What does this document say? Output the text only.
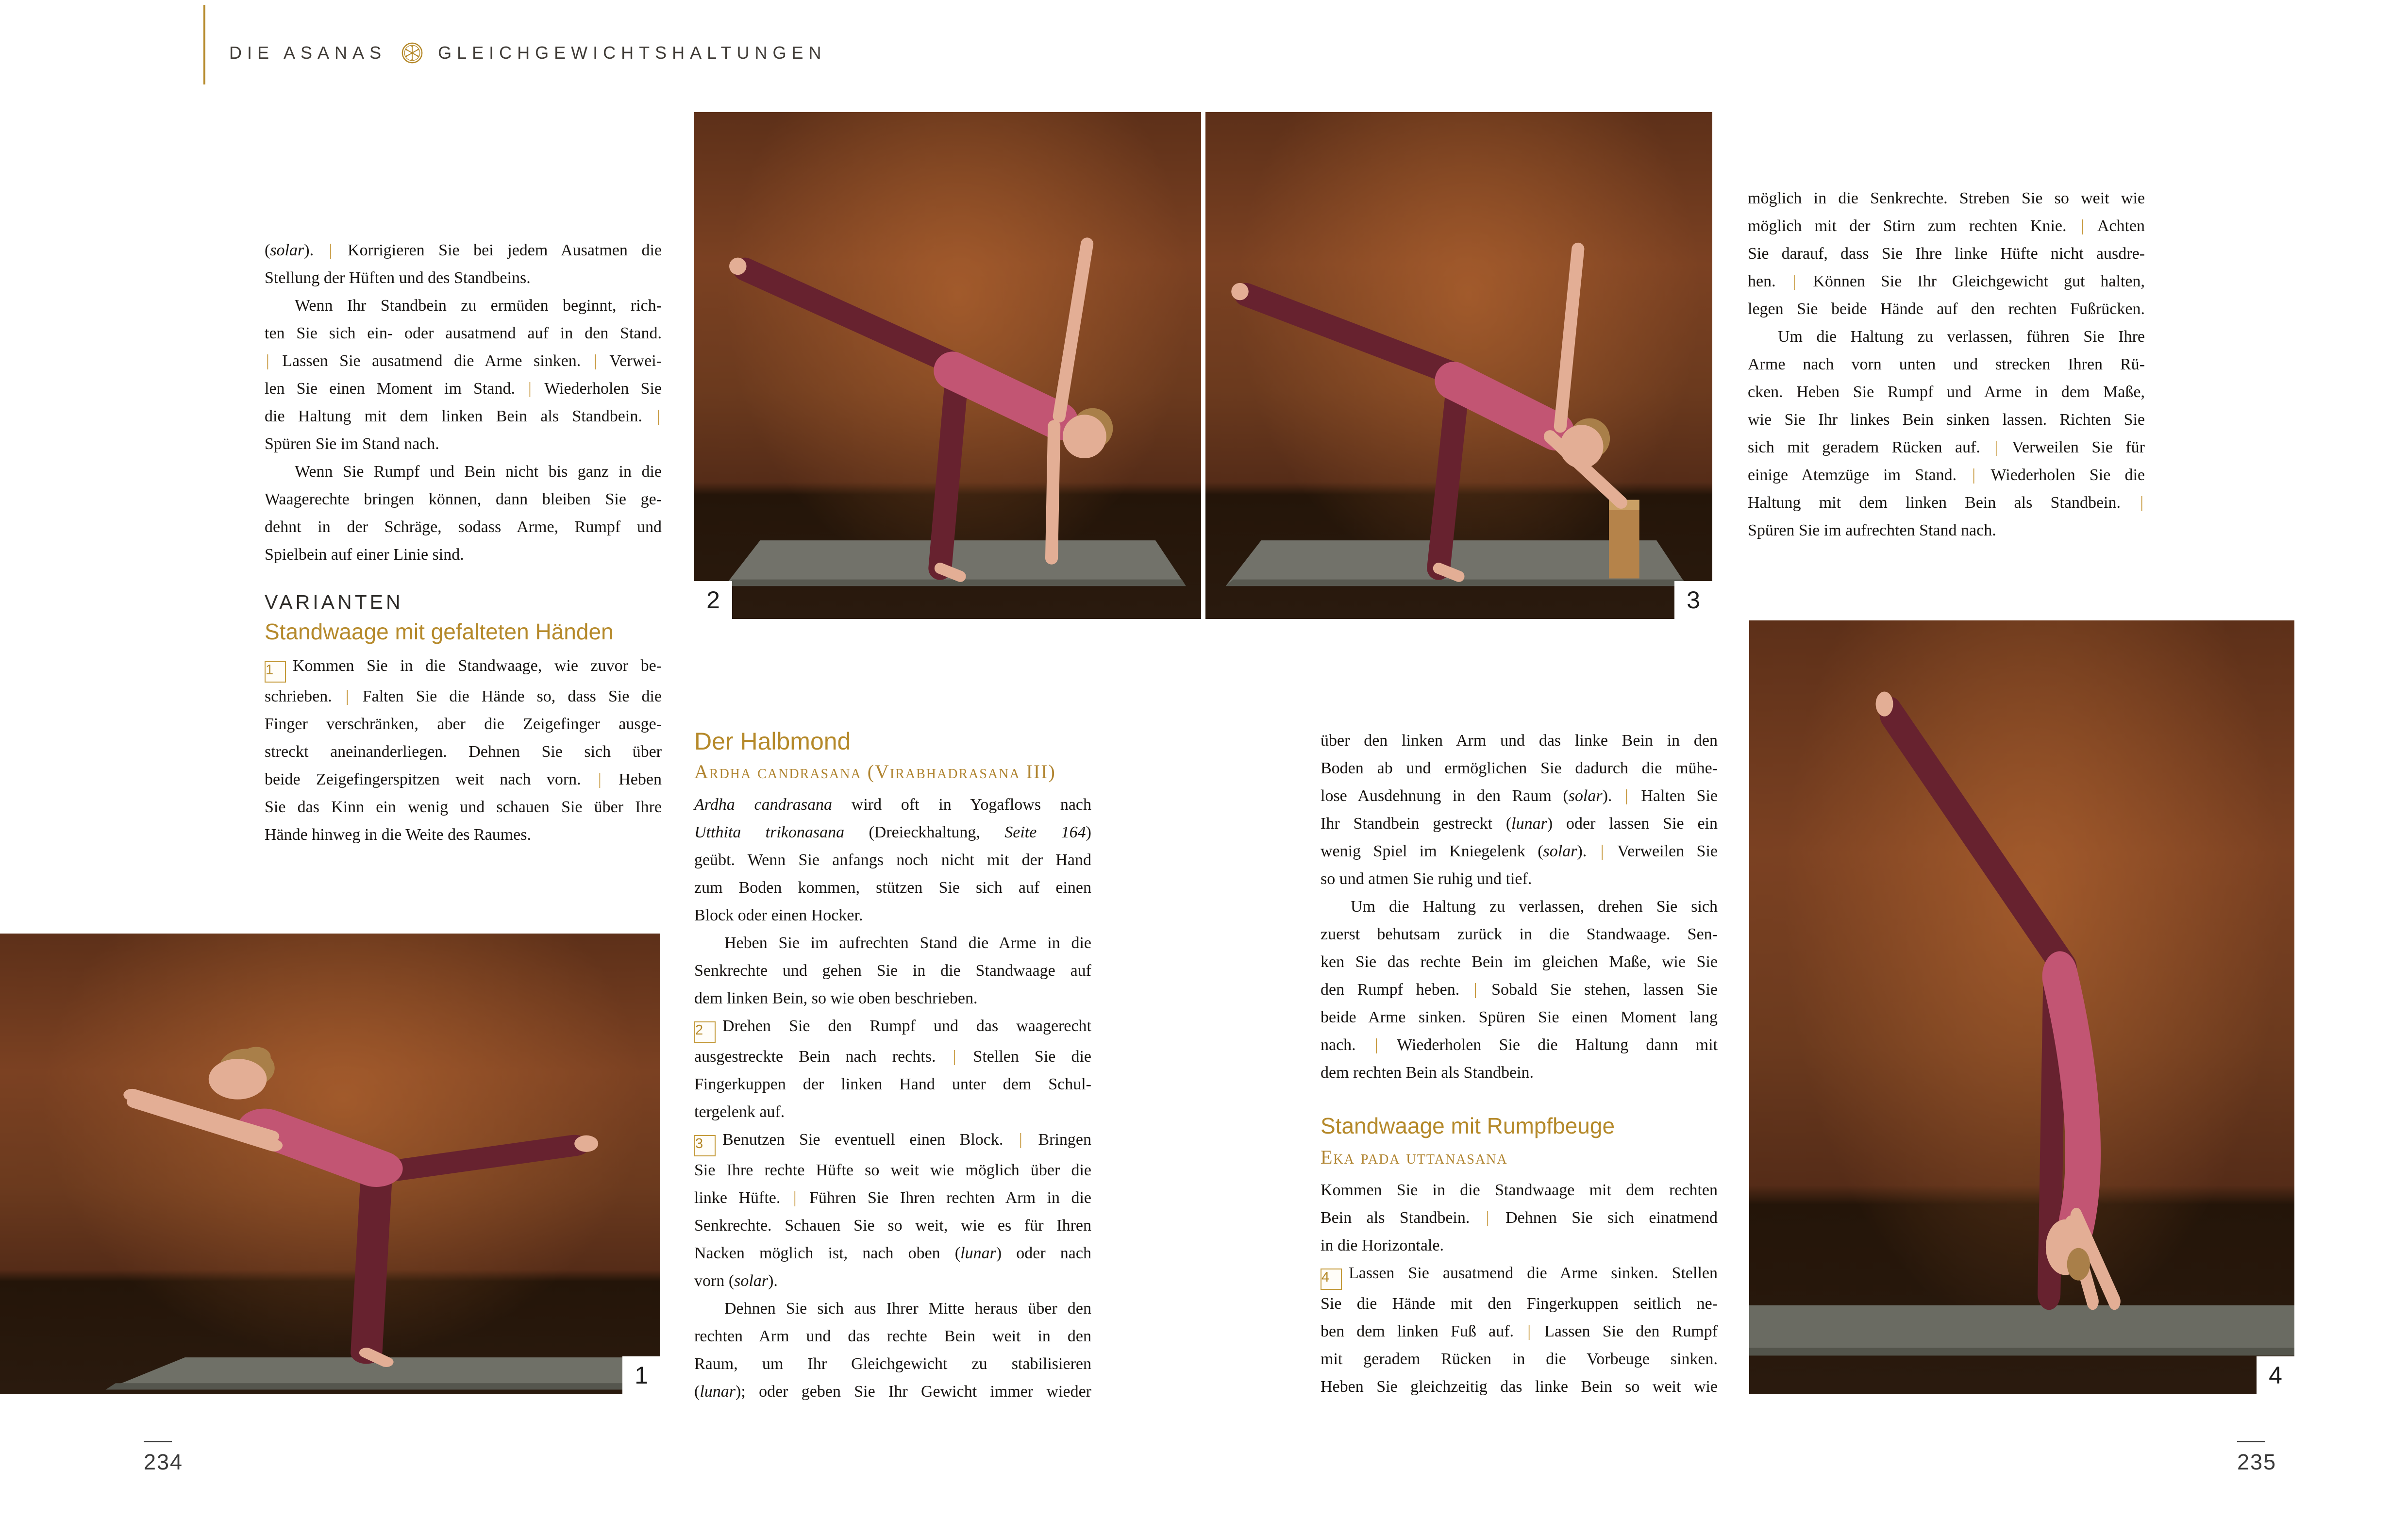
DIE ASANAS	GLEICHGEWICHTSHALTUNGEN
(solar). | Korrigieren Sie bei jedem Ausatmen die
Stellung der Hüften und des Standbeins.
Wenn Ihr Standbein zu ermüden beginnt, rich-
ten Sie sich ein- oder ausatmend auf in den Stand.
| Lassen Sie ausatmend die Arme sinken. | Verwei-
len Sie einen Moment im Stand. | Wiederholen Sie
die Haltung mit dem linken Bein als Standbein. |
Spüren Sie im Stand nach.
Wenn Sie Rumpf und Bein nicht bis ganz in die
Waagerechte bringen können, dann bleiben Sie ge-
dehnt in der Schräge, sodass Arme, Rumpf und
Spielbein auf einer Linie sind.
VARIANTEN
Standwaage mit gefalteten Händen
1 Kommen Sie in die Standwaage, wie zuvor be-
schrieben. | Falten Sie die Hände so, dass Sie die
Finger verschränken, aber die Zeigefinger ausge-
streckt aneinanderliegen. Dehnen Sie sich über
beide Zeigefingerspitzen weit nach vorn. | Heben
Sie das Kinn ein wenig und schauen Sie über Ihre
Hände hinweg in die Weite des Raumes.
Der Halbmond
Ardha candrasana (Virabhadrasana III)
Ardha candrasana wird oft in Yogaflows nach
Utthita trikonasana (Dreieckhaltung, Seite 164)
geübt. Wenn Sie anfangs noch nicht mit der Hand
zum Boden kommen, stützen Sie sich auf einen
Block oder einen Hocker.
Heben Sie im aufrechten Stand die Arme in die
Senkrechte und gehen Sie in die Standwaage auf
dem linken Bein, so wie oben beschrieben.
2 Drehen Sie den Rumpf und das waagerecht
ausgestreckte Bein nach rechts. | Stellen Sie die
Fingerkuppen der linken Hand unter dem Schul-
tergelenk auf.
3 Benutzen Sie eventuell einen Block. | Bringen
Sie Ihre rechte Hüfte so weit wie möglich über die
linke Hüfte. | Führen Sie Ihren rechten Arm in die
Senkrechte. Schauen Sie so weit, wie es für Ihren
Nacken möglich ist, nach oben (lunar) oder nach
vorn (solar).
Dehnen Sie sich aus Ihrer Mitte heraus über den
rechten Arm und das rechte Bein weit in den
Raum, um Ihr Gleichgewicht zu stabilisieren
(lunar); oder geben Sie Ihr Gewicht immer wieder
über den linken Arm und das linke Bein in den
Boden ab und ermöglichen Sie dadurch die mühe-
lose Ausdehnung in den Raum (solar). | Halten Sie
Ihr Standbein gestreckt (lunar) oder lassen Sie ein
wenig Spiel im Kniegelenk (solar). | Verweilen Sie
so und atmen Sie ruhig und tief.
Um die Haltung zu verlassen, drehen Sie sich
zuerst behutsam zurück in die Standwaage. Sen-
ken Sie das rechte Bein im gleichen Maße, wie Sie
den Rumpf heben. | Sobald Sie stehen, lassen Sie
beide Arme sinken. Spüren Sie einen Moment lang
nach. | Wiederholen Sie die Haltung dann mit
dem rechten Bein als Standbein.
Standwaage mit Rumpfbeuge
Eka pada uttanasana
Kommen Sie in die Standwaage mit dem rechten
Bein als Standbein. | Dehnen Sie sich einatmend
in die Horizontale.
4 Lassen Sie ausatmend die Arme sinken. Stellen
Sie die Hände mit den Fingerkuppen seitlich ne-
ben dem linken Fuß auf. | Lassen Sie den Rumpf
mit geradem Rücken in die Vorbeuge sinken.
Heben Sie gleichzeitig das linke Bein so weit wie
möglich in die Senkrechte. Streben Sie so weit wie
möglich mit der Stirn zum rechten Knie. | Achten
Sie darauf, dass Sie Ihre linke Hüfte nicht ausdre-
hen. | Können Sie Ihr Gleichgewicht gut halten,
legen Sie beide Hände auf den rechten Fußrücken.
Um die Haltung zu verlassen, führen Sie Ihre
Arme nach vorn unten und strecken Ihren Rü-
cken. Heben Sie Rumpf und Arme in dem Maße,
wie Sie Ihr linkes Bein sinken lassen. Richten Sie
sich mit geradem Rücken auf. | Verweilen Sie für
einige Atemzüge im Stand. | Wiederholen Sie die
Haltung mit dem linken Bein als Standbein. |
Spüren Sie im aufrechten Stand nach.
1
2	3
4
234	235
